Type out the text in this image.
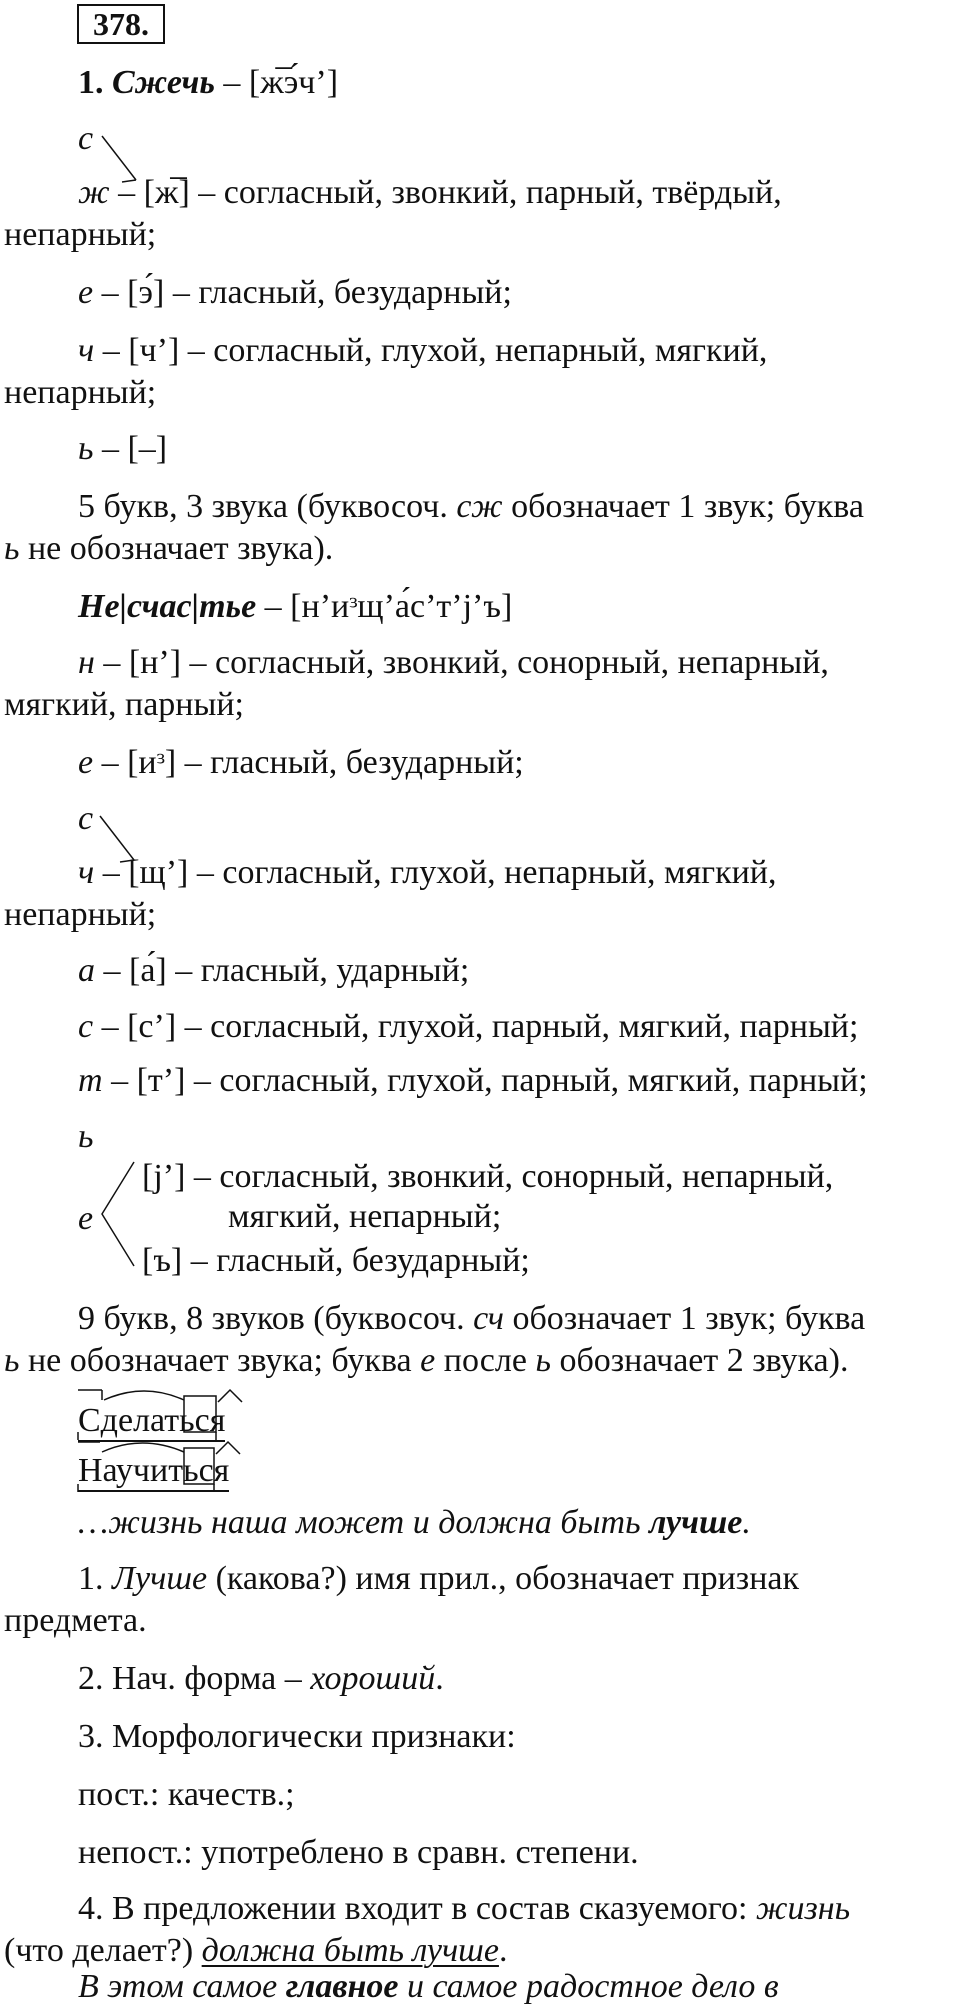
378.
1. Сжечь – [ж̅э́ч’]
с
ж – [ж̅] – согласный, звонкий, парный, твёрдый,
непарный;
е – [э́] – гласный, безударный;
ч – [ч’] – согласный, глухой, непарный, мягкий,
непарный;
ь – [–]
5 букв, 3 звука (буквосоч. сж обозначает 1 звук; буква
ь не обозначает звука).
Не|счас|тье – [н’иᵌщ’а́с’т’j’ъ]
н – [н’] – согласный, звонкий, сонорный, непарный,
мягкий, парный;
е – [иᵌ] – гласный, безударный;
с
ч – [щ’] – согласный, глухой, непарный, мягкий,
непарный;
а – [а́] – гласный, ударный;
с – [с’] – согласный, глухой, парный, мягкий, парный;
т – [т’] – согласный, глухой, парный, мягкий, парный;
ь
е
[j’] – согласный, звонкий, сонорный, непарный,
мягкий, непарный;
[ъ] – гласный, безударный;
9 букв, 8 звуков (буквосоч. сч обозначает 1 звук; буква
ь не обозначает звука; буква е после ь обозначает 2 звука).
Сделаться
Научиться
…жизнь наша может и должна быть лучше.
1. Лучше (какова?) имя прил., обозначает признак
предмета.
2. Нач. форма – хороший.
3. Морфологически признаки:
пост.: качеств.;
непост.: употреблено в сравн. степени.
4. В предложении входит в состав сказуемого: жизнь
(что делает?) должна быть лучше.
В этом самое главное и самое радостное дело в
